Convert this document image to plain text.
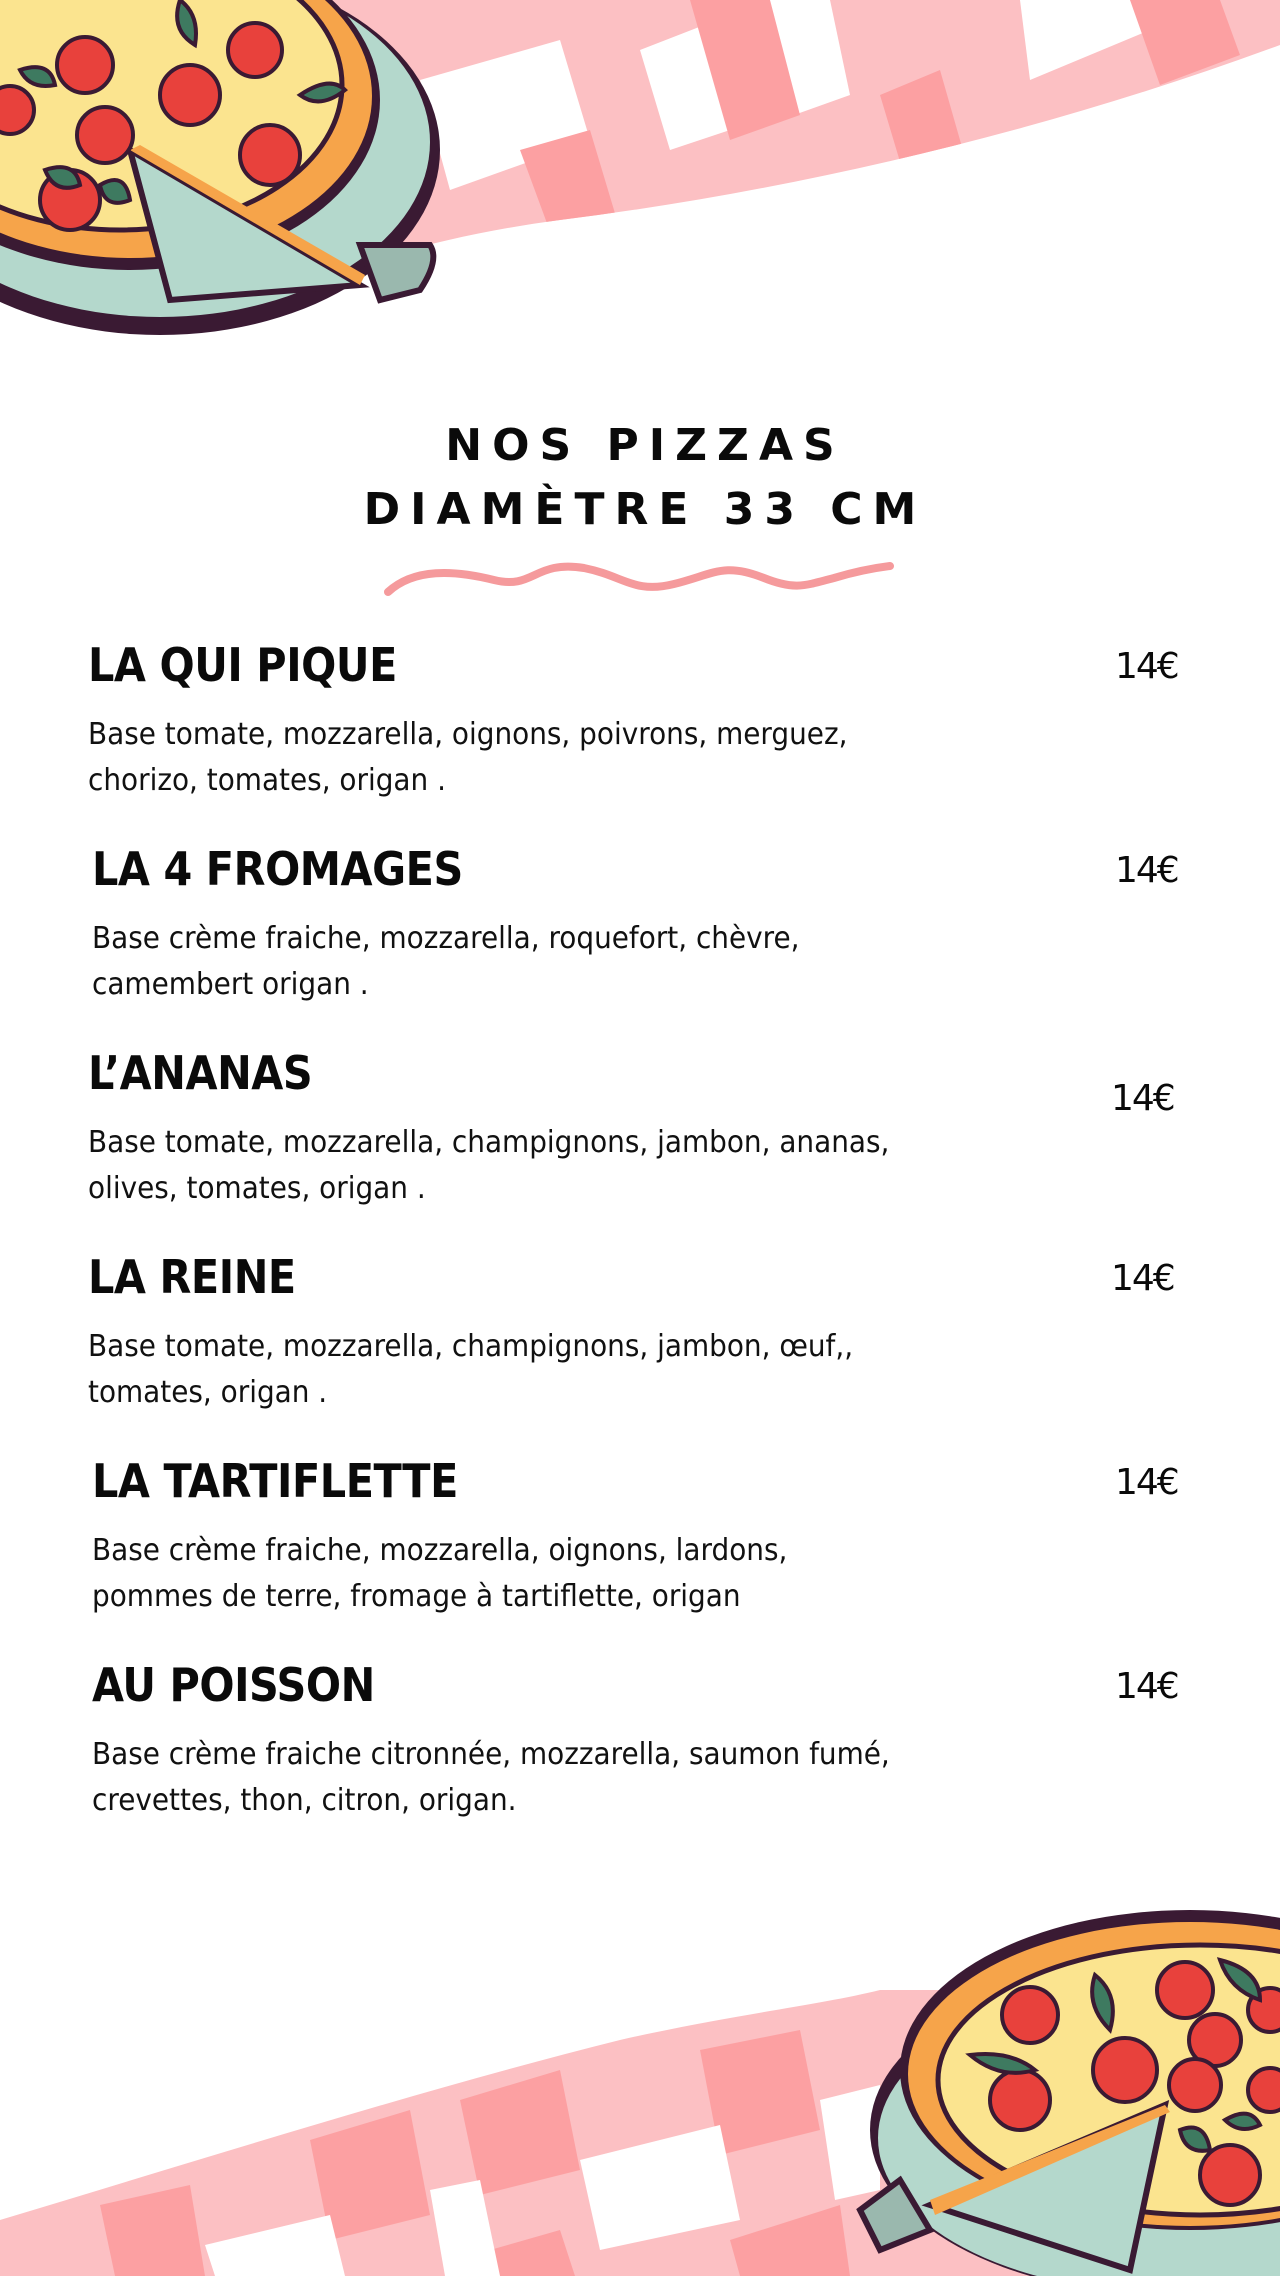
NOS PIZZAS
DIAMÈTRE 33 CM
LA QUI PIQUE	14€
Base tomate, mozzarella, oignons, poivrons, merguez,
chorizo, tomates, origan .
LA 4 FROMAGES	14€
Base crème fraiche, mozzarella, roquefort, chèvre,
camembert origan .
L’ANANAS	14€
Base tomate, mozzarella, champignons, jambon, ananas,
olives, tomates, origan .
LA REINE	14€
Base tomate, mozzarella, champignons, jambon, œuf,,
tomates, origan .
LA TARTIFLETTE	14€
Base crème fraiche, mozzarella, oignons, lardons,
pommes de terre, fromage à tartiflette, origan
AU POISSON	14€
Base crème fraiche citronnée, mozzarella, saumon fumé,
crevettes, thon, citron, origan.
